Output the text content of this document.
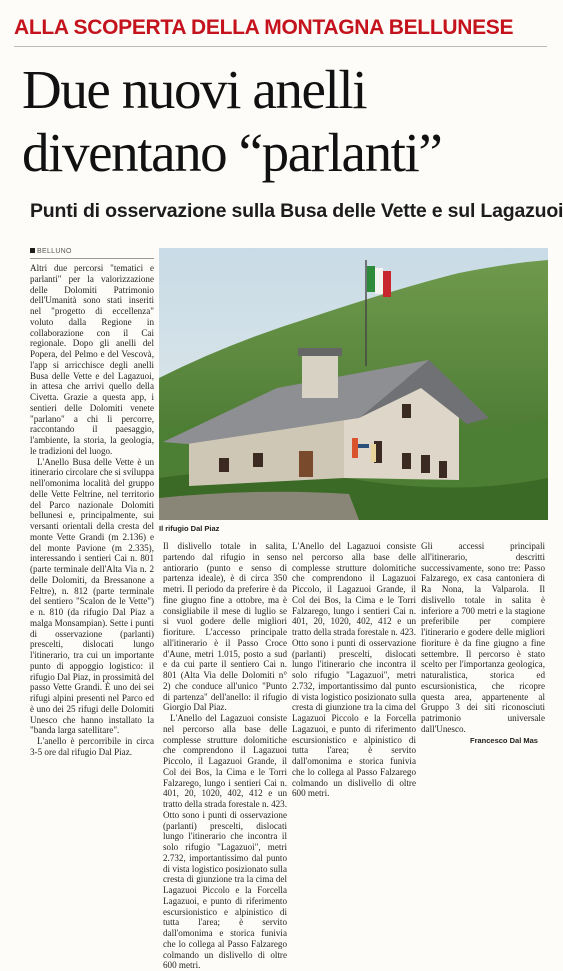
ALLA SCOPERTA DELLA MONTAGNA BELLUNESE
Due nuovi anelli
diventano “parlanti”
Punti di osservazione sulla Busa delle Vette e sul Lagazuoi
BELLUNO
Il rifugio Dal Piaz

Altri due percorsi "tematici e parlanti" per la valorizzazione delle Dolomiti Patrimonio dell'Umanità sono stati inseriti nel "progetto di eccellenza" voluto dalla Regione in collaborazione con il Cai regionale. Dopo gli anelli del Popera, del Pelmo e del Vescovà, l'app si arricchisce degli anelli Busa delle Vette e del Lagazuoi, in attesa che arrivi quello della Civetta. Grazie a questa app, i sentieri delle Dolomiti venete "parlano" a chi li percorre, raccontando il paesaggio, l'ambiente, la storia, la geologia, le tradizioni del luogo.

L'Anello Busa delle Vette è un itinerario circolare che si sviluppa nell'omonima località del gruppo delle Vette Feltrine, nel territorio del Parco nazionale Dolomiti bellunesi e, principalmente, sui versanti orientali della cresta del monte Vette Grandi (m 2.136) e del monte Pavione (m 2.335), interessando i sentieri Cai n. 801 (parte terminale dell'Alta Via n. 2 delle Dolomiti, da Bressanone a Feltre), n. 812 (parte terminale del sentiero "Scalon de le Vette") e n. 810 (da rifugio Dal Piaz a malga Monsampian). Sette i punti di osservazione (parlanti) prescelti, dislocati lungo l'itinerario, tra cui un importante punto di appoggio logistico: il rifugio Dal Piaz, in prossimità del passo Vette Grandi. È uno dei sei rifugi alpini presenti nel Parco ed è uno dei 25 rifugi delle Dolomiti Unesco che hanno installato la "banda larga satellitare".

L'anello è percorribile in circa 3-5 ore dal rifugio Dal Piaz.

Il dislivello totale in salita, partendo dal rifugio in senso antiorario (punto e senso di partenza ideale), è di circa 350 metri. Il periodo da preferire è da fine giugno fine a ottobre, ma è consigliabile il mese di luglio se si vuol godere delle migliori fioriture. L'accesso principale all'itinerario è il Passo Croce d'Aune, metri 1.015, posto a sud e da cui parte il sentiero Cai n. 801 (Alta Via delle Dolomiti n° 2) che conduce all'unico "Punto di partenza" dell'anello: il rifugio Giorgio Dal Piaz.

L'Anello del Lagazuoi consiste nel percorso alla base delle complesse strutture dolomitiche che comprendono il Lagazuoi Piccolo, il Lagazuoi Grande, il Col dei Bos, la Cima e le Torri Falzarego, lungo i sentieri Cai n. 401, 20, 1020, 402, 412 e un tratto della strada forestale n. 423. Otto sono i punti di osservazione (parlanti) prescelti, dislocati lungo l'itinerario che incontra il solo rifugio "Lagazuoi", metri 2.732, importantissimo dal punto di vista logistico posizionato sulla cresta di giunzione tra la cima del Lagazuoi Piccolo e la Forcella Lagazuoi, e punto di riferimento escursionistico e alpinistico di tutta l'area; è servito dall'omonima e storica funivia che lo collega al Passo Falzarego colmando un dislivello di oltre 600 metri.

L'Anello del Lagazuoi consiste nel percorso alla base delle complesse strutture dolomitiche che comprendono il Lagazuoi Piccolo, il Lagazuoi Grande, il Col dei Bos, la Cima e le Torri Falzarego, lungo i sentieri Cai n. 401, 20, 1020, 402, 412 e un tratto della strada forestale n. 423. Otto sono i punti di osservazione (parlanti) prescelti, dislocati lungo l'itinerario che incontra il solo rifugio "Lagazuoi", metri 2.732, importantissimo dal punto di vista logistico posizionato sulla cresta di giunzione tra la cima del Lagazuoi Piccolo e la Forcella Lagazuoi, e punto di riferimento escursionistico e alpinistico di tutta l'area; è servito dall'omonima e storica funivia che lo collega al Passo Falzarego colmando un dislivello di oltre 600 metri.

Gli accessi principali all'itinerario, descritti successivamente, sono tre: Passo Falzarego, ex casa cantoniera di Ra Nona, la Valparola. Il dislivello totale in salita è inferiore a 700 metri e la stagione preferibile per compiere l'itinerario e godere delle migliori fioriture è da fine giugno a fine settembre. Il percorso è stato scelto per l'importanza geologica, naturalistica, storica ed escursionistica, che ricopre questa area, appartenente al Gruppo 3 dei siti riconosciuti patrimonio universale dall'Unesco.

Francesco Dal Mas
